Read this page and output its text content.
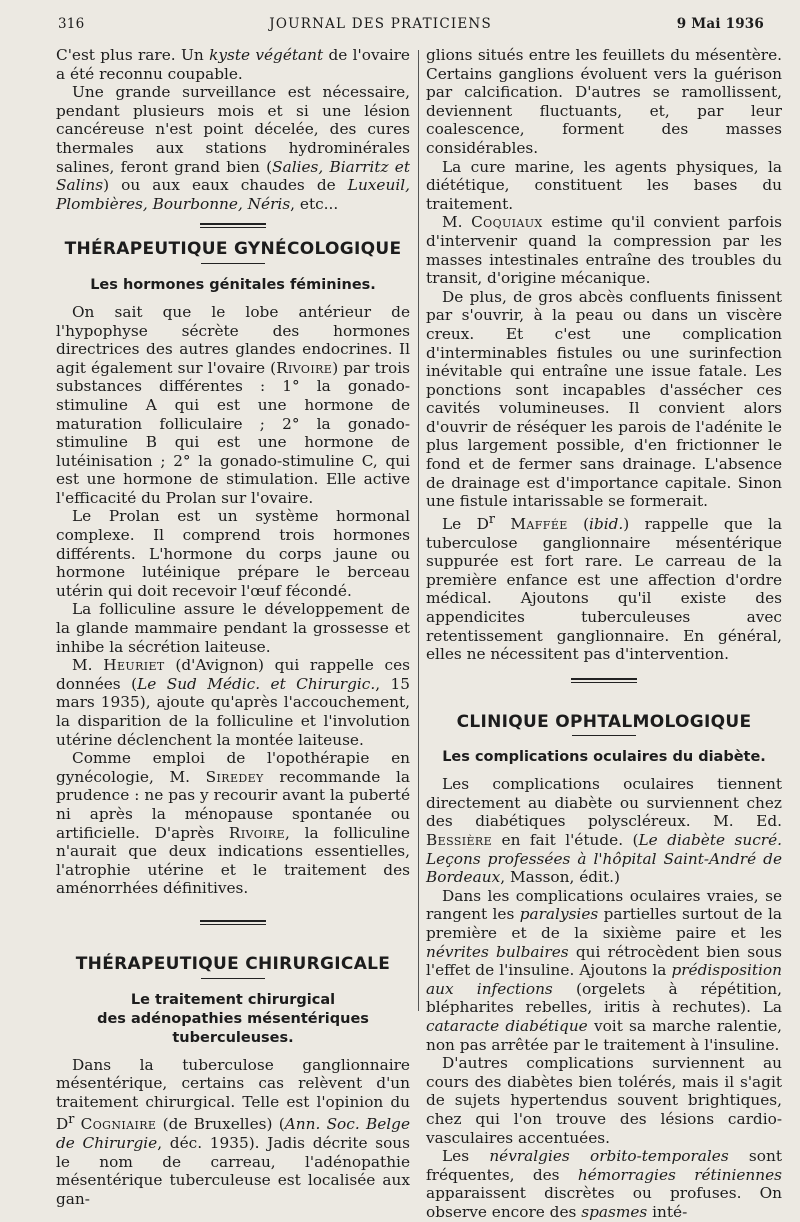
316	JOURNAL DES PRATICIENS	9 Mai 1936

C'est plus rare. Un kyste végétant de l'ovaire a été reconnu coupable.

Une grande surveillance est nécessaire, pendant plusieurs mois et si une lésion cancéreuse n'est point décelée, des cures thermales aux stations hydrominérales salines, feront grand bien (Salies, Biarritz et Salins) ou aux eaux chaudes de Luxeuil, Plombières, Bourbonne, Néris, etc...

THÉRAPEUTIQUE GYNÉCOLOGIQUE
Les hormones génitales féminines.

On sait que le lobe antérieur de l'hypophyse sécrète des hormones directrices des autres glandes endocrines. Il agit également sur l'ovaire (Rivoire) par trois substances différentes : 1° la gonado-stimuline A qui est une hormone de maturation folliculaire ; 2° la gonado-stimuline B qui est une hormone de lutéinisation ; 2° la gonado-stimuline C, qui est une hormone de stimulation. Elle active l'efficacité du Prolan sur l'ovaire.

Le Prolan est un système hormonal complexe. Il comprend trois hormones différents. L'hormone du corps jaune ou hormone lutéinique prépare le berceau utérin qui doit recevoir l'œuf fécondé.

La folliculine assure le développement de la glande mammaire pendant la grossesse et inhibe la sécrétion laiteuse.

M. Heuriet (d'Avignon) qui rappelle ces données (Le Sud Médic. et Chirurgic., 15 mars 1935), ajoute qu'après l'accouchement, la disparition de la folliculine et l'involution utérine déclenchent la montée laiteuse.

Comme emploi de l'opothérapie en gynécologie, M. Siredey recommande la prudence : ne pas y recourir avant la puberté ni après la ménopause spontanée ou artificielle. D'après Rivoire, la folliculine n'aurait que deux indications essentielles, l'atrophie utérine et le traitement des aménorrhées définitives.

THÉRAPEUTIQUE CHIRURGICALE
Le traitement chirurgical
des adénopathies mésentériques tuberculeuses.

Dans la tuberculose ganglionnaire mésentérique, certains cas relèvent d'un traitement chirurgical. Telle est l'opinion du $D^r$ Cogniaire (de Bruxelles) (Ann. Soc. Belge de Chirurgie, déc. 1935). Jadis décrite sous le nom de carreau, l'adénopathie mésentérique tuberculeuse est localisée aux gan-

glions situés entre les feuillets du mésentère. Certains ganglions évoluent vers la guérison par calcification. D'autres se ramollissent, deviennent fluctuants, et, par leur coalescence, forment des masses considérables.

La cure marine, les agents physiques, la diététique, constituent les bases du traitement.

M. Coquiaux estime qu'il convient parfois d'intervenir quand la compression par les masses intestinales entraîne des troubles du transit, d'origine mécanique.

De plus, de gros abcès confluents finissent par s'ouvrir, à la peau ou dans un viscère creux. Et c'est une complication d'interminables fistules ou une surinfection inévitable qui entraîne une issue fatale. Les ponctions sont incapables d'assécher ces cavités volumineuses. Il convient alors d'ouvrir de réséquer les parois de l'adénite le plus largement possible, d'en frictionner le fond et de fermer sans drainage. L'absence de drainage est d'importance capitale. Sinon une fistule intarissable se formerait.

Le $D^r$ Maffée (ibid.) rappelle que la tuberculose ganglionnaire mésentérique suppurée est fort rare. Le carreau de la première enfance est une affection d'ordre médical. Ajoutons qu'il existe des appendicites tuberculeuses avec retentissement ganglionnaire. En général, elles ne nécessitent pas d'intervention.

CLINIQUE OPHTALMOLOGIQUE
Les complications oculaires du diabète.

Les complications oculaires tiennent directement au diabète ou surviennent chez des diabétiques polyscléreux. M. Ed. Bessière en fait l'étude. (Le diabète sucré. Leçons professées à l'hôpital Saint-André de Bordeaux, Masson, édit.)

Dans les complications oculaires vraies, se rangent les paralysies partielles surtout de la première et de la sixième paire et les névrites bulbaires qui rétrocèdent bien sous l'effet de l'insuline. Ajoutons la prédisposition aux infections (orgelets à répétition, blépharites rebelles, iritis à rechutes). La cataracte diabétique voit sa marche ralentie, non pas arrêtée par le traitement à l'insuline.

D'autres complications surviennent au cours des diabètes bien tolérés, mais il s'agit de sujets hypertendus souvent brightiques, chez qui l'on trouve des lésions cardio-vasculaires accentuées.

Les névralgies orbito-temporales sont fréquentes, des hémorragies rétiniennes apparaissent discrètes ou profuses. On observe encore des spasmes inté-
